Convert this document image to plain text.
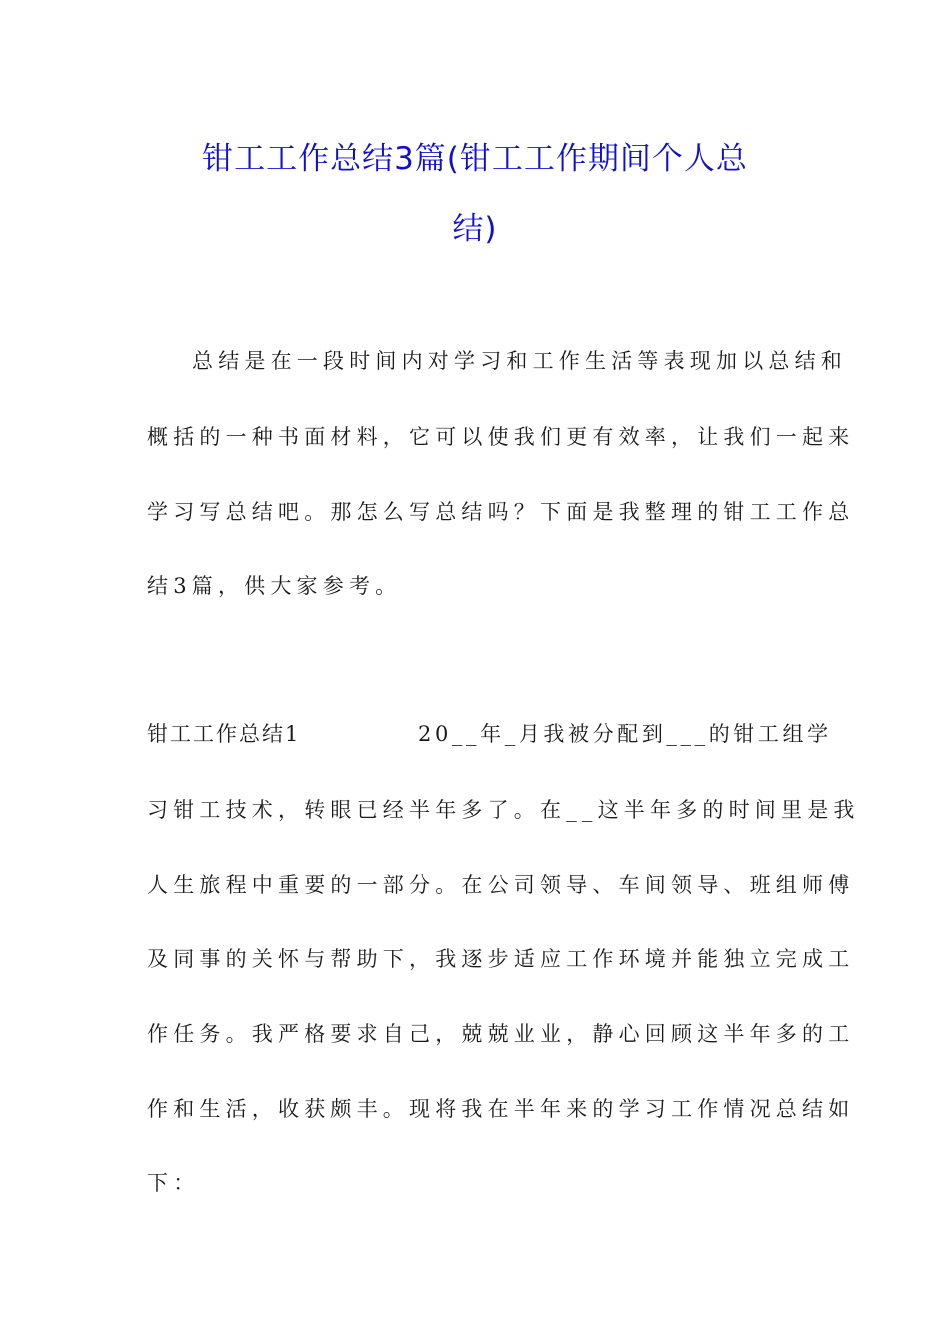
钳工工作总结3篇(钳工工作期间个人总
结)
总结是在一段时间内对学习和工作生活等表现加以总结和
概括的一种书面材料，它可以使我们更有效率，让我们一起来
学习写总结吧。那怎么写总结吗？下面是我整理的钳工工作总
结3篇，供大家参考。
钳工工作总结1	20__年_月我被分配到___的钳工组学
习钳工技术，转眼已经半年多了。在__这半年多的时间里是我
人生旅程中重要的一部分。在公司领导、车间领导、班组师傅
及同事的关怀与帮助下，我逐步适应工作环境并能独立完成工
作任务。我严格要求自己，兢兢业业，静心回顾这半年多的工
作和生活，收获颇丰。现将我在半年来的学习工作情况总结如
下：
